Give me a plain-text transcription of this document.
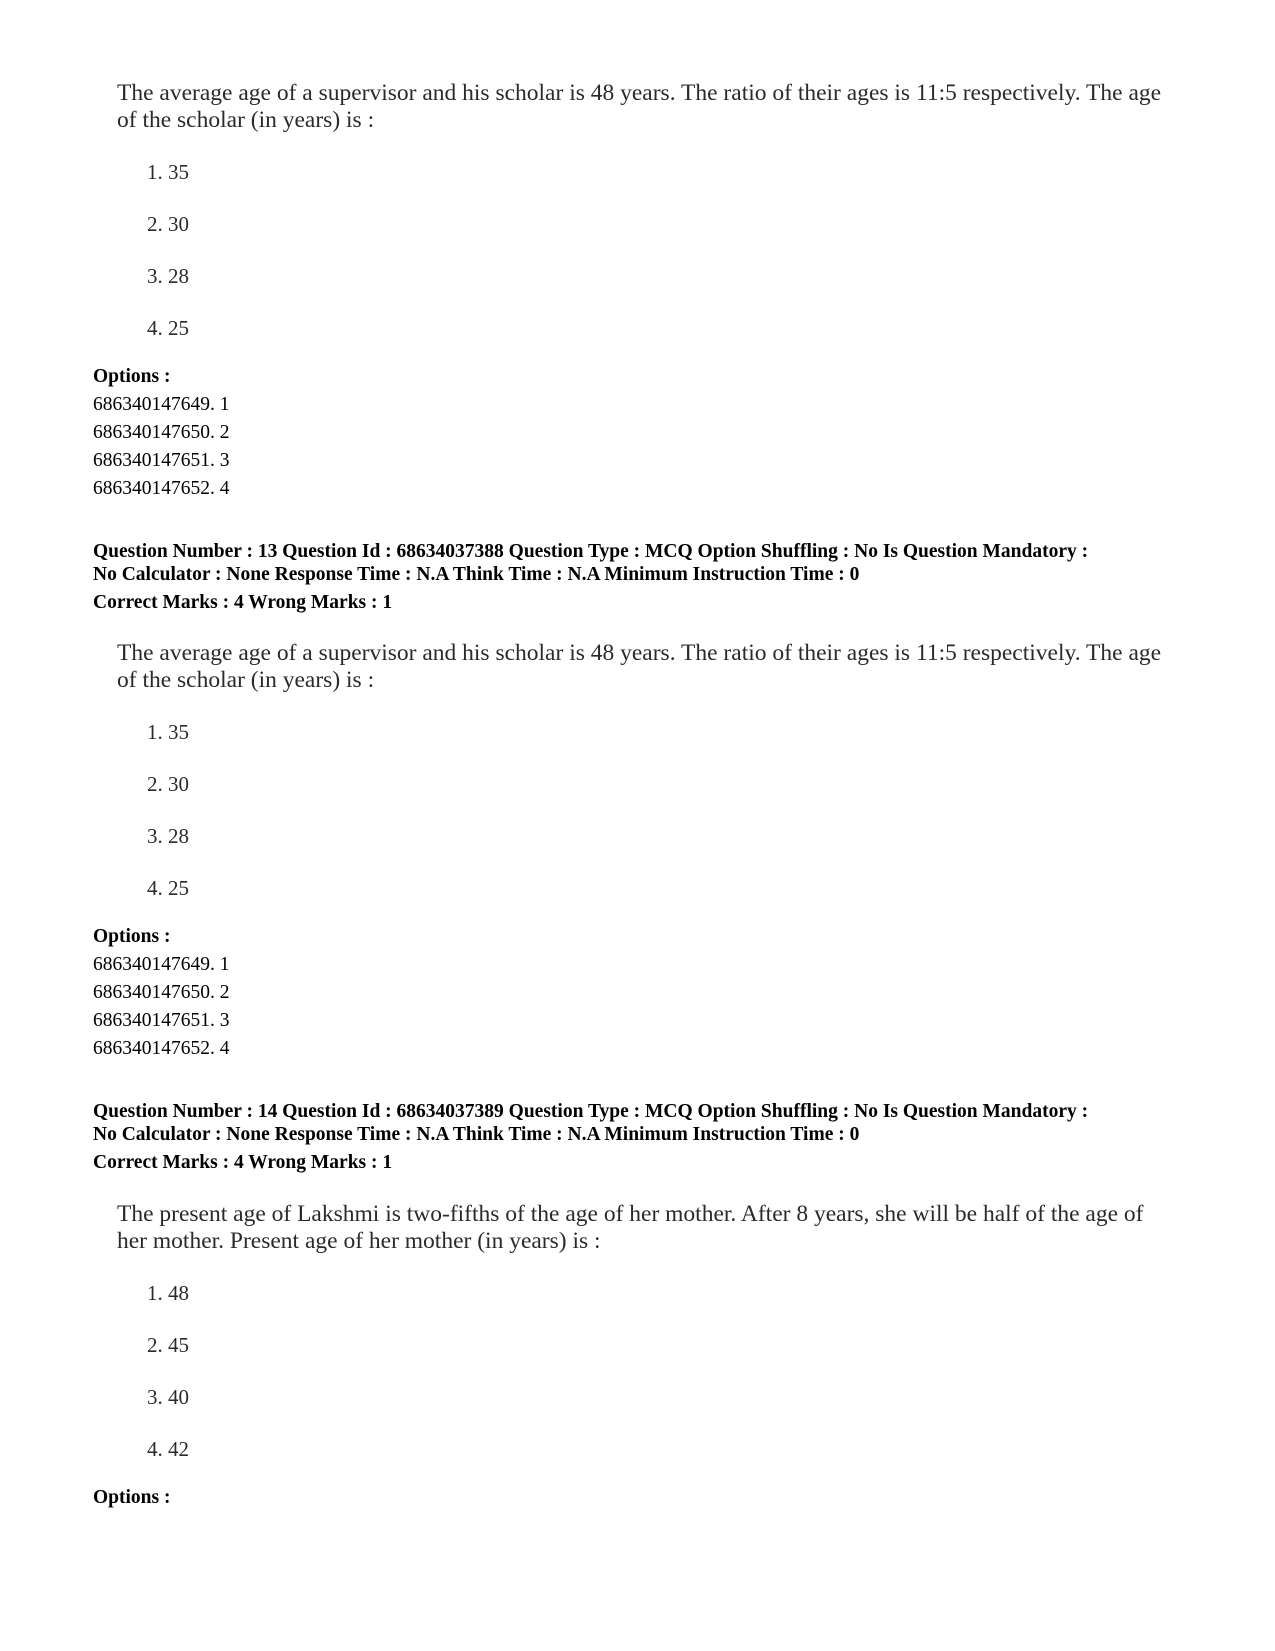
The average age of a supervisor and his scholar is 48 years. The ratio of their ages is 11:5 respectively. The age
of the scholar (in years) is :
1. 35
2. 30
3. 28
4. 25
Options :
686340147649. 1
686340147650. 2
686340147651. 3
686340147652. 4
Question Number : 13 Question Id : 68634037388 Question Type : MCQ Option Shuffling : No Is Question Mandatory :
No Calculator : None Response Time : N.A Think Time : N.A Minimum Instruction Time : 0
Correct Marks : 4 Wrong Marks : 1
The average age of a supervisor and his scholar is 48 years. The ratio of their ages is 11:5 respectively. The age
of the scholar (in years) is :
1. 35
2. 30
3. 28
4. 25
Options :
686340147649. 1
686340147650. 2
686340147651. 3
686340147652. 4
Question Number : 14 Question Id : 68634037389 Question Type : MCQ Option Shuffling : No Is Question Mandatory :
No Calculator : None Response Time : N.A Think Time : N.A Minimum Instruction Time : 0
Correct Marks : 4 Wrong Marks : 1
The present age of Lakshmi is two-fifths of the age of her mother. After 8 years, she will be half of the age of
her mother. Present age of her mother (in years) is :
1. 48
2. 45
3. 40
4. 42
Options :
